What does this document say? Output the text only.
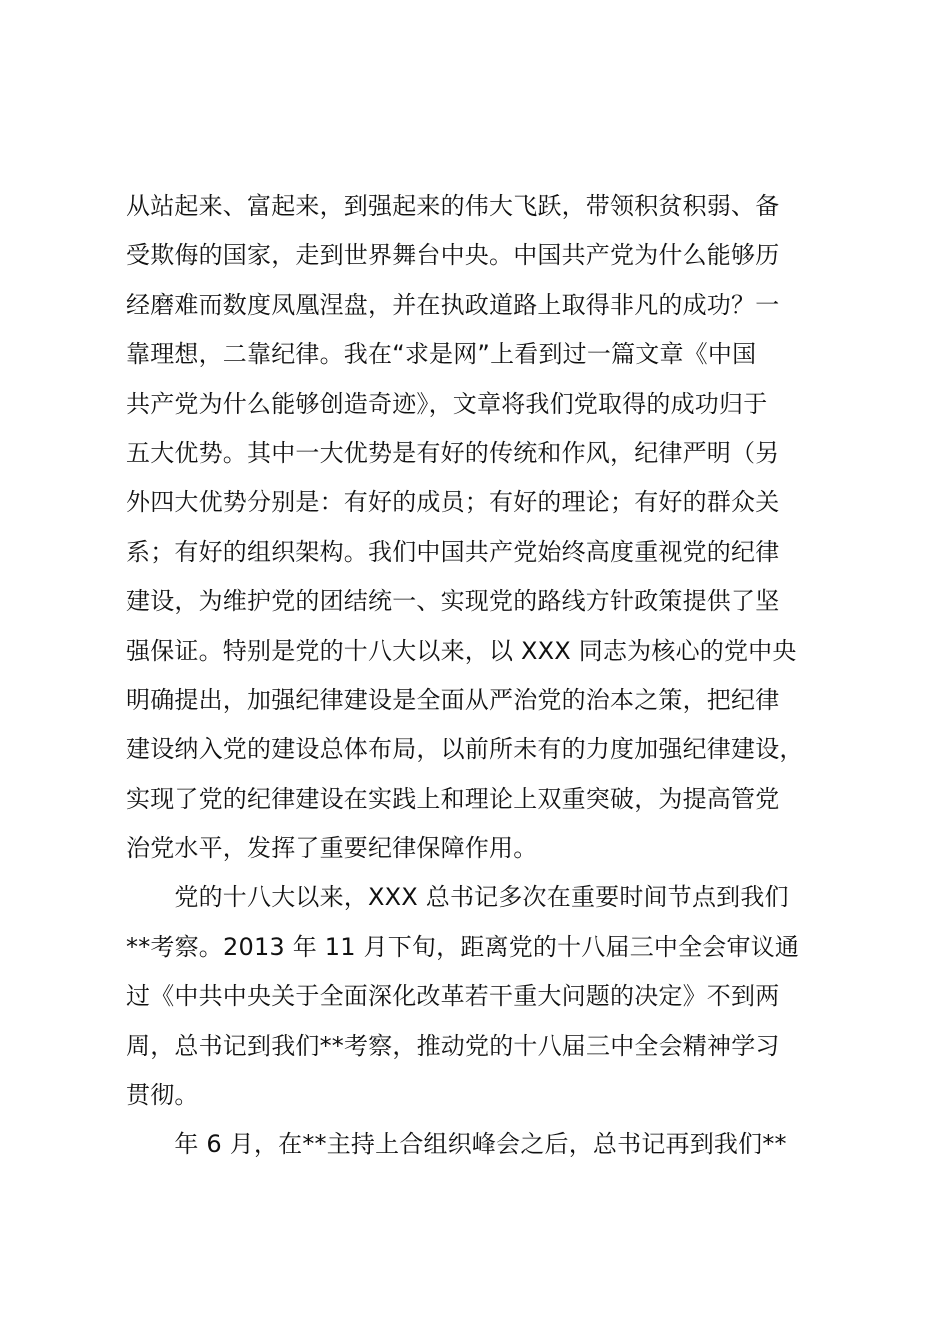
从站起来、富起来，到强起来的伟大飞跃，带领积贫积弱、备
受欺侮的国家，走到世界舞台中央。中国共产党为什么能够历
经磨难而数度凤凰涅盘，并在执政道路上取得非凡的成功？一
靠理想，二靠纪律。我在“求是网”上看到过一篇文章《中国
共产党为什么能够创造奇迹》，文章将我们党取得的成功归于
五大优势。其中一大优势是有好的传统和作风，纪律严明（另
外四大优势分别是：有好的成员；有好的理论；有好的群众关
系；有好的组织架构。我们中国共产党始终高度重视党的纪律
建设，为维护党的团结统一、实现党的路线方针政策提供了坚
强保证。特别是党的十八大以来，以 XXX 同志为核心的党中央
明确提出，加强纪律建设是全面从严治党的治本之策，把纪律
建设纳入党的建设总体布局，以前所未有的力度加强纪律建设，
实现了党的纪律建设在实践上和理论上双重突破，为提高管党
治党水平，发挥了重要纪律保障作用。
　　党的十八大以来，XXX 总书记多次在重要时间节点到我们
**考察。2013 年 11 月下旬，距离党的十八届三中全会审议通
过《中共中央关于全面深化改革若干重大问题的决定》不到两
周，总书记到我们**考察，推动党的十八届三中全会精神学习
贯彻。
　　年 6 月，在**主持上合组织峰会之后，总书记再到我们**
